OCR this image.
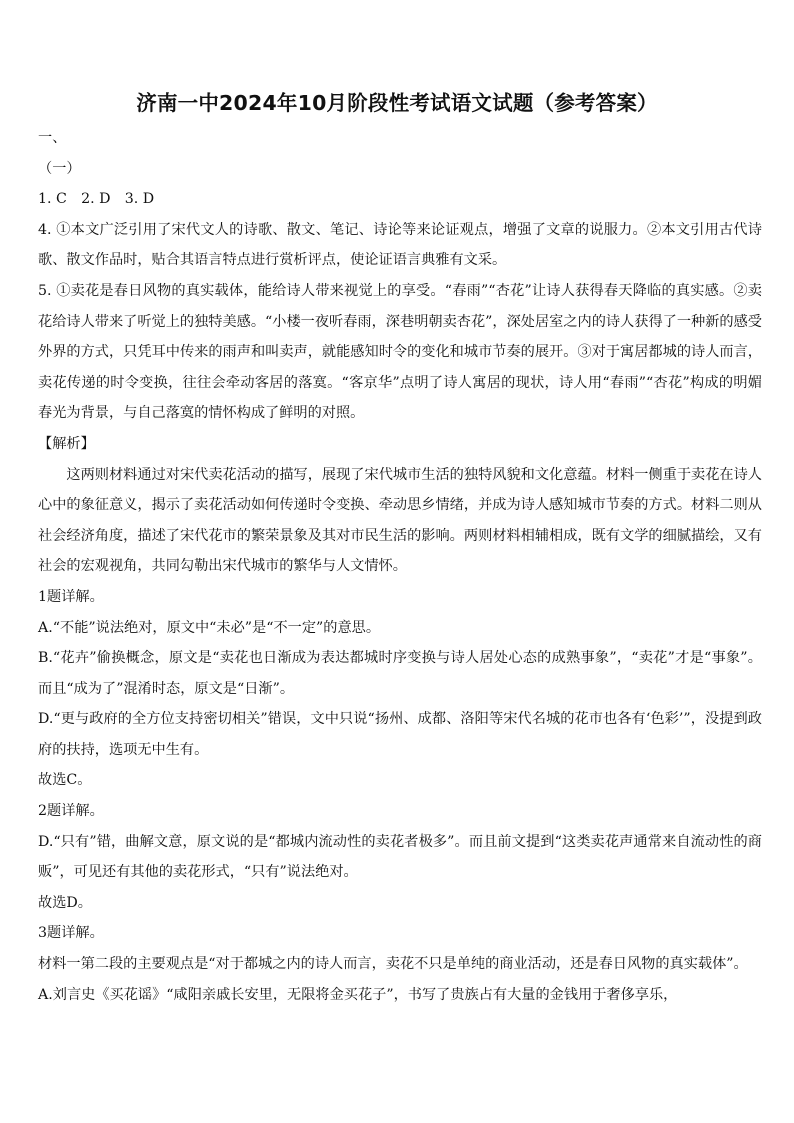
济南一中2024年10月阶段性考试语文试题（参考答案）

一、

（一）

1. C　2. D　3. D

4. ①本文广泛引用了宋代文人的诗歌、散文、笔记、诗论等来论证观点，增强了文章的说服力。②本文引用古代诗歌、散文作品时，贴合其语言特点进行赏析评点，使论证语言典雅有文采。

5. ①卖花是春日风物的真实载体，能给诗人带来视觉上的享受。“春雨”“杏花”让诗人获得春天降临的真实感。②卖花给诗人带来了听觉上的独特美感。“小楼一夜听春雨，深巷明朝卖杏花”，深处居室之内的诗人获得了一种新的感受外界的方式，只凭耳中传来的雨声和叫卖声，就能感知时令的变化和城市节奏的展开。③对于寓居都城的诗人而言，卖花传递的时令变换，往往会牵动客居的落寞。“客京华”点明了诗人寓居的现状，诗人用“春雨”“杏花”构成的明媚春光为背景，与自己落寞的情怀构成了鲜明的对照。

【解析】

这两则材料通过对宋代卖花活动的描写，展现了宋代城市生活的独特风貌和文化意蕴。材料一侧重于卖花在诗人心中的象征意义，揭示了卖花活动如何传递时令变换、牵动思乡情绪，并成为诗人感知城市节奏的方式。材料二则从社会经济角度，描述了宋代花市的繁荣景象及其对市民生活的影响。两则材料相辅相成，既有文学的细腻描绘，又有社会的宏观视角，共同勾勒出宋代城市的繁华与人文情怀。

1题详解。

A.“不能”说法绝对，原文中“未必”是“不一定”的意思。

B.“花卉”偷换概念，原文是“卖花也日渐成为表达都城时序变换与诗人居处心态的成熟事象”，“卖花”才是“事象”。而且“成为了”混淆时态，原文是“日渐”。

D.“更与政府的全方位支持密切相关”错误，文中只说“扬州、成都、洛阳等宋代名城的花市也各有‘色彩’”，没提到政府的扶持，选项无中生有。

故选C。

2题详解。

D.“只有”错，曲解文意，原文说的是“都城内流动性的卖花者极多”。而且前文提到“这类卖花声通常来自流动性的商贩”，可见还有其他的卖花形式，“只有”说法绝对。

故选D。

3题详解。

材料一第二段的主要观点是“对于都城之内的诗人而言，卖花不只是单纯的商业活动，还是春日风物的真实载体”。

A.刘言史《买花谣》“咸阳亲戚长安里，无限将金买花子”，书写了贵族占有大量的金钱用于奢侈享乐，
